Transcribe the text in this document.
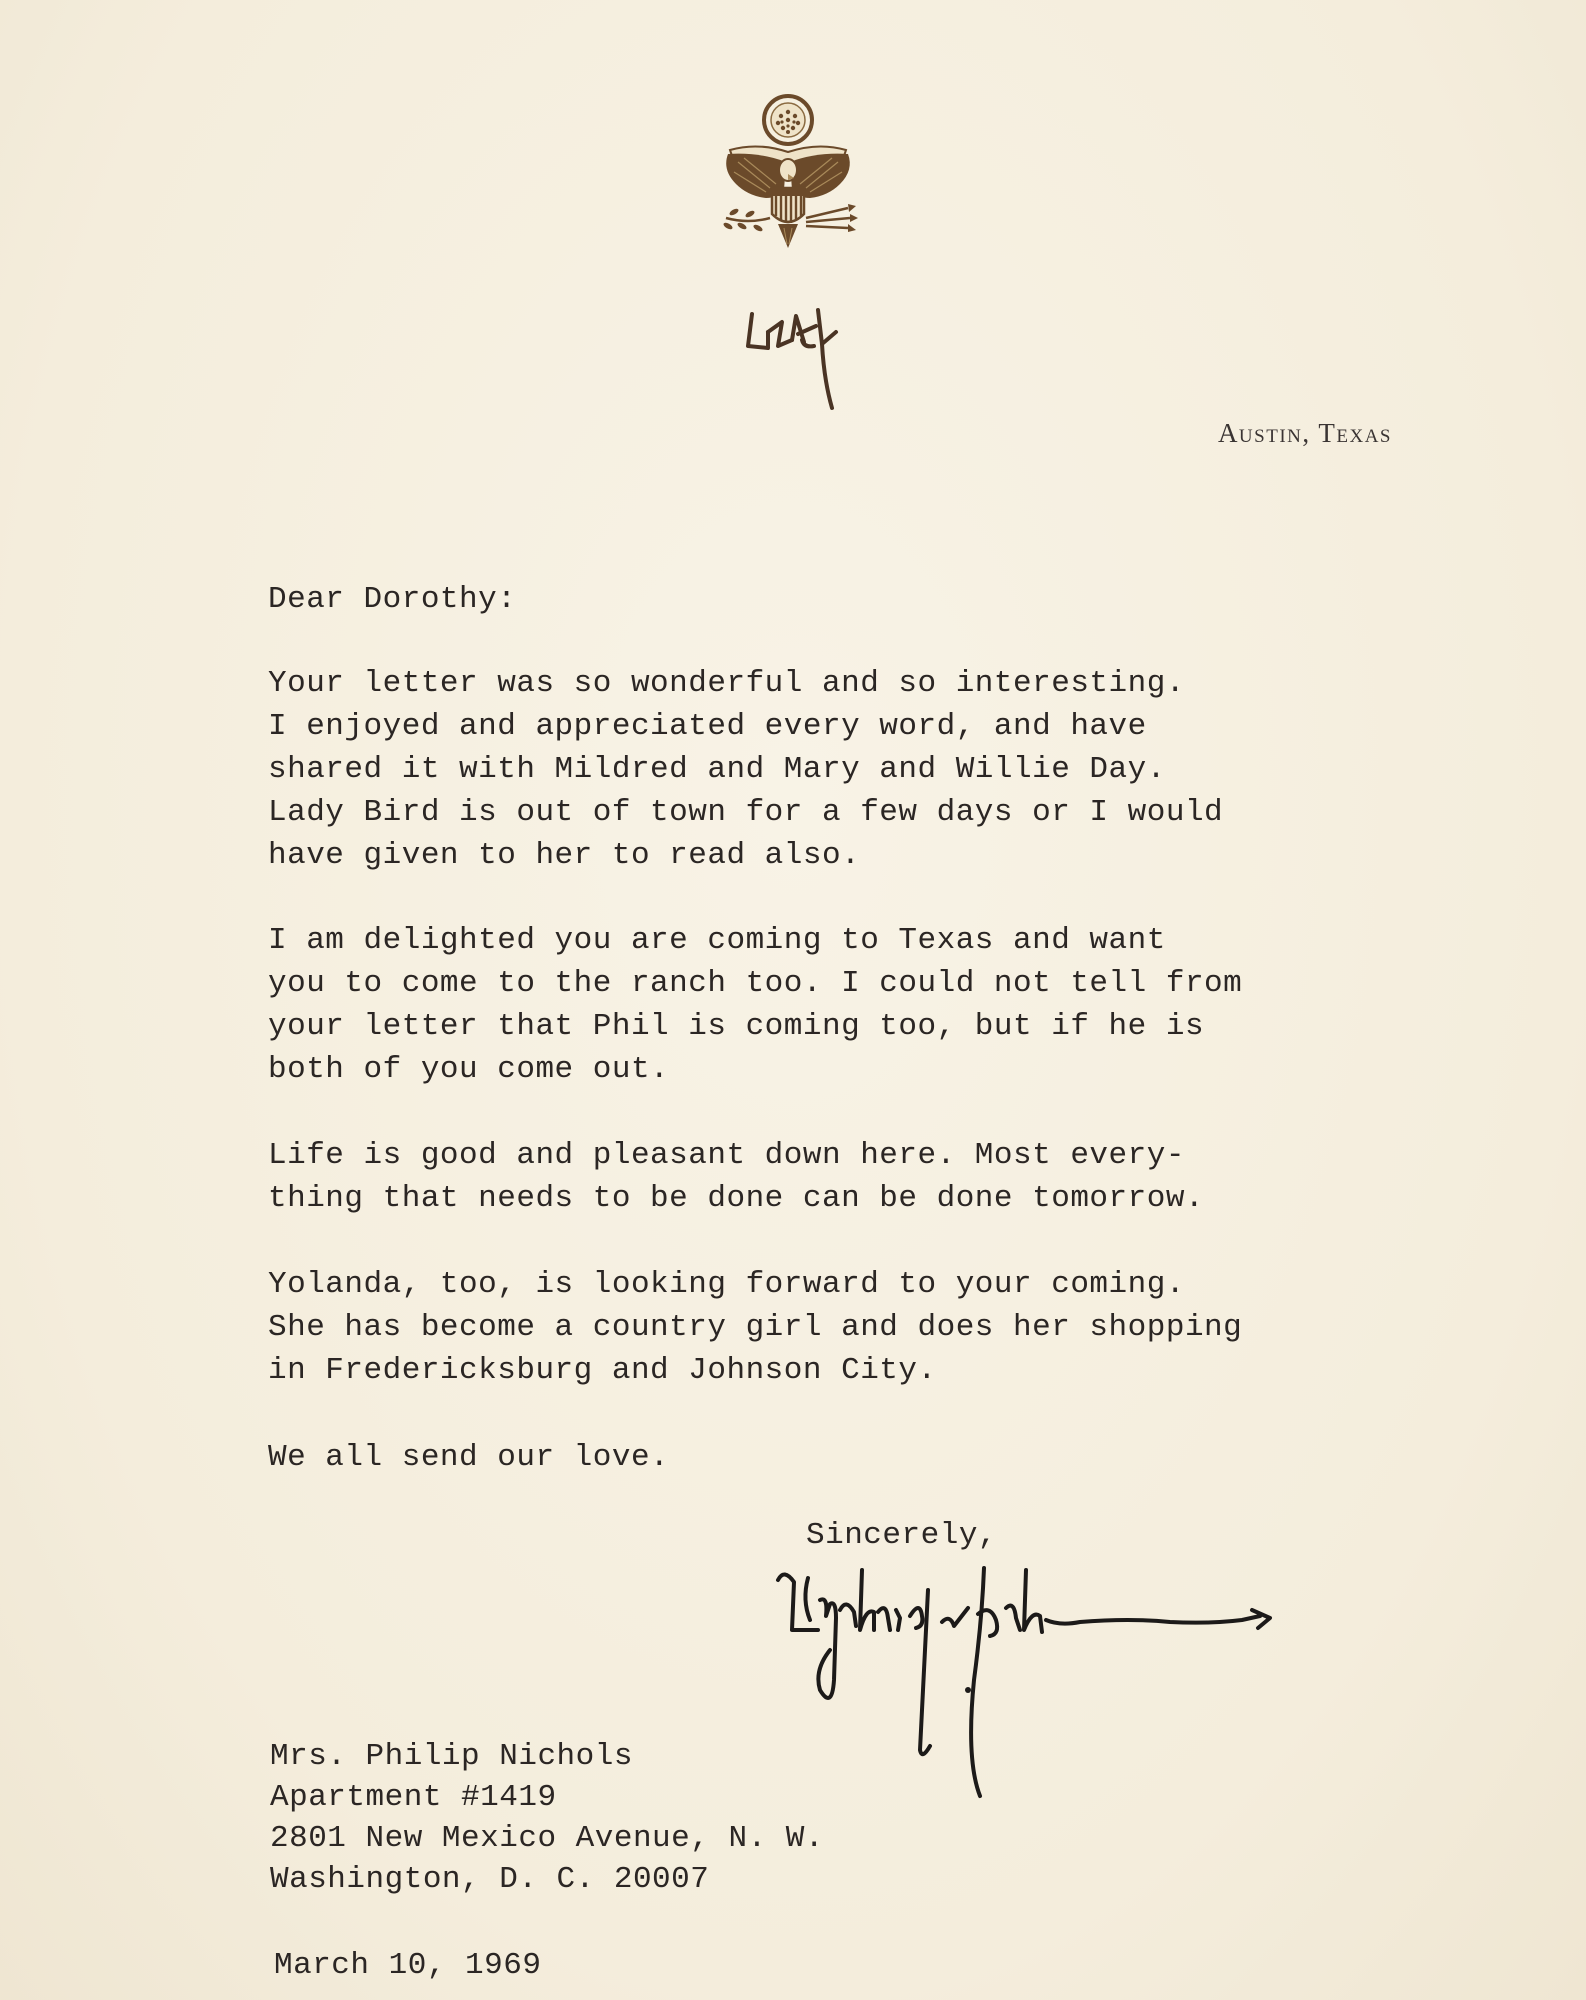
Austin, Texas
Dear Dorothy:
Your letter was so wonderful and so interesting.
I enjoyed and appreciated every word, and have
shared it with Mildred and Mary and Willie Day.
Lady Bird is out of town for a few days or I would
have given to her to read also.
I am delighted you are coming to Texas and want
you to come to the ranch too. I could not tell from
your letter that Phil is coming too, but if he is
both of you come out.
Life is good and pleasant down here. Most every-
thing that needs to be done can be done tomorrow.
Yolanda, too, is looking forward to your coming.
She has become a country girl and does her shopping
in Fredericksburg and Johnson City.
We all send our love.
Sincerely,
Mrs. Philip Nichols
Apartment #1419
2801 New Mexico Avenue, N. W.
Washington, D. C. 20007
March 10, 1969
